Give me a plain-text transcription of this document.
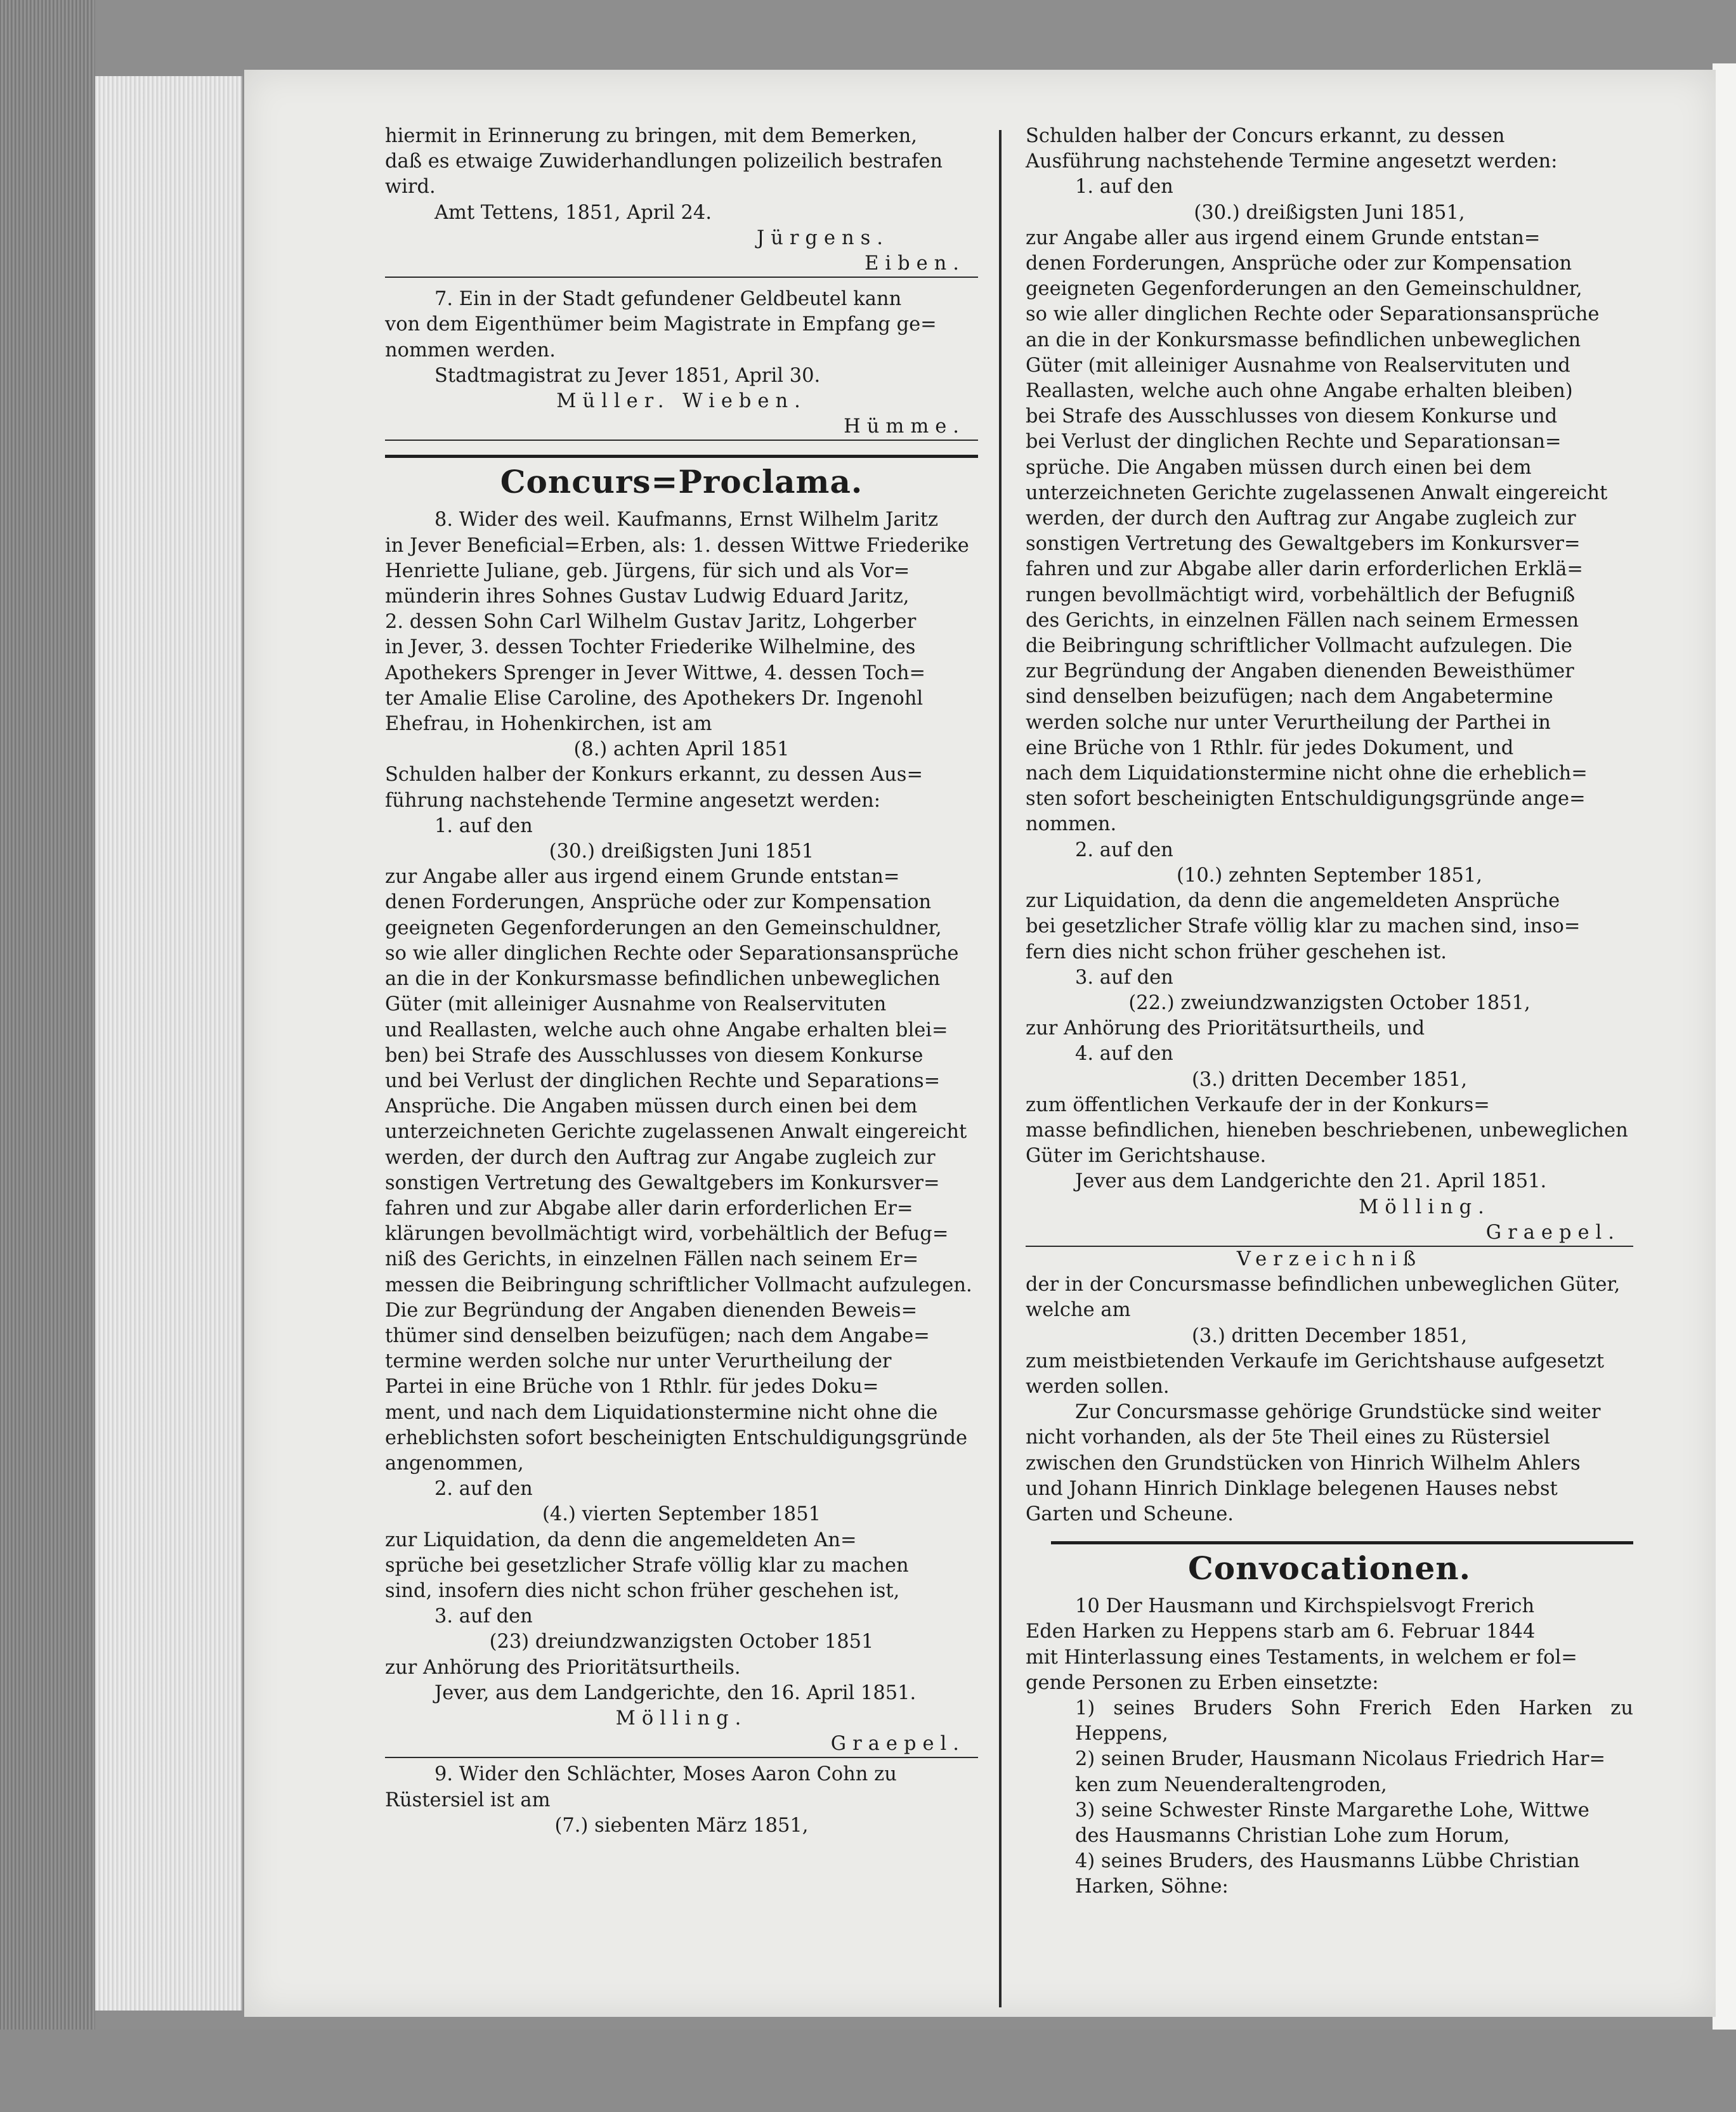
hiermit in Erinnerung zu bringen, mit dem Bemerken,

daß es etwaige Zuwiderhandlungen polizeilich bestrafen

wird.

Amt Tettens, 1851, April 24.

Jürgens.

Eiben.

7. Ein in der Stadt gefundener Geldbeutel kann

von dem Eigenthümer beim Magistrate in Empfang ge=

nommen werden.

Stadtmagistrat zu Jever 1851, April 30.

Müller. Wieben.

Hümme.

Concurs=Proclama.

8. Wider des weil. Kaufmanns, Ernst Wilhelm Jaritz

in Jever Beneficial=Erben, als: 1. dessen Wittwe Friederike

Henriette Juliane, geb. Jürgens, für sich und als Vor=

münderin ihres Sohnes Gustav Ludwig Eduard Jaritz,

2. dessen Sohn Carl Wilhelm Gustav Jaritz, Lohgerber

in Jever, 3. dessen Tochter Friederike Wilhelmine, des

Apothekers Sprenger in Jever Wittwe, 4. dessen Toch=

ter Amalie Elise Caroline, des Apothekers Dr. Ingenohl

Ehefrau, in Hohenkirchen, ist am

(8.) achten April 1851

Schulden halber der Konkurs erkannt, zu dessen Aus=

führung nachstehende Termine angesetzt werden:

1. auf den

(30.) dreißigsten Juni 1851

zur Angabe aller aus irgend einem Grunde entstan=

denen Forderungen, Ansprüche oder zur Kompensation

geeigneten Gegenforderungen an den Gemeinschuldner,

so wie aller dinglichen Rechte oder Separationsansprüche

an die in der Konkursmasse befindlichen unbeweglichen

Güter (mit alleiniger Ausnahme von Realservituten

und Reallasten, welche auch ohne Angabe erhalten blei=

ben) bei Strafe des Ausschlusses von diesem Konkurse

und bei Verlust der dinglichen Rechte und Separations=

Ansprüche. Die Angaben müssen durch einen bei dem

unterzeichneten Gerichte zugelassenen Anwalt eingereicht

werden, der durch den Auftrag zur Angabe zugleich zur

sonstigen Vertretung des Gewaltgebers im Konkursver=

fahren und zur Abgabe aller darin erforderlichen Er=

klärungen bevollmächtigt wird, vorbehältlich der Befug=

niß des Gerichts, in einzelnen Fällen nach seinem Er=

messen die Beibringung schriftlicher Vollmacht aufzulegen.

Die zur Begründung der Angaben dienenden Beweis=

thümer sind denselben beizufügen; nach dem Angabe=

termine werden solche nur unter Verurtheilung der

Partei in eine Brüche von 1 Rthlr. für jedes Doku=

ment, und nach dem Liquidationstermine nicht ohne die

erheblichsten sofort bescheinigten Entschuldigungsgründe

angenommen,

2. auf den

(4.) vierten September 1851

zur Liquidation, da denn die angemeldeten An=

sprüche bei gesetzlicher Strafe völlig klar zu machen

sind, insofern dies nicht schon früher geschehen ist,

3. auf den

(23) dreiundzwanzigsten October 1851

zur Anhörung des Prioritätsurtheils.

Jever, aus dem Landgerichte, den 16. April 1851.

Mölling.

Graepel.

9. Wider den Schlächter, Moses Aaron Cohn zu

Rüstersiel ist am

(7.) siebenten März 1851,

Schulden halber der Concurs erkannt, zu dessen

Ausführung nachstehende Termine angesetzt werden:

1. auf den

(30.) dreißigsten Juni 1851,

zur Angabe aller aus irgend einem Grunde entstan=

denen Forderungen, Ansprüche oder zur Kompensation

geeigneten Gegenforderungen an den Gemeinschuldner,

so wie aller dinglichen Rechte oder Separationsansprüche

an die in der Konkursmasse befindlichen unbeweglichen

Güter (mit alleiniger Ausnahme von Realservituten und

Reallasten, welche auch ohne Angabe erhalten bleiben)

bei Strafe des Ausschlusses von diesem Konkurse und

bei Verlust der dinglichen Rechte und Separationsan=

sprüche. Die Angaben müssen durch einen bei dem

unterzeichneten Gerichte zugelassenen Anwalt eingereicht

werden, der durch den Auftrag zur Angabe zugleich zur

sonstigen Vertretung des Gewaltgebers im Konkursver=

fahren und zur Abgabe aller darin erforderlichen Erklä=

rungen bevollmächtigt wird, vorbehältlich der Befugniß

des Gerichts, in einzelnen Fällen nach seinem Ermessen

die Beibringung schriftlicher Vollmacht aufzulegen. Die

zur Begründung der Angaben dienenden Beweisthümer

sind denselben beizufügen; nach dem Angabetermine

werden solche nur unter Verurtheilung der Parthei in

eine Brüche von 1 Rthlr. für jedes Dokument, und

nach dem Liquidationstermine nicht ohne die erheblich=

sten sofort bescheinigten Entschuldigungsgründe ange=

nommen.

2. auf den

(10.) zehnten September 1851,

zur Liquidation, da denn die angemeldeten Ansprüche

bei gesetzlicher Strafe völlig klar zu machen sind, inso=

fern dies nicht schon früher geschehen ist.

3. auf den

(22.) zweiundzwanzigsten October 1851,

zur Anhörung des Prioritätsurtheils, und

4. auf den

(3.) dritten December 1851,

zum öffentlichen Verkaufe der in der Konkurs=

masse befindlichen, hieneben beschriebenen, unbeweglichen

Güter im Gerichtshause.

Jever aus dem Landgerichte den 21. April 1851.

Mölling.

Graepel.

Verzeichniß

der in der Concursmasse befindlichen unbeweglichen Güter,

welche am

(3.) dritten December 1851,

zum meistbietenden Verkaufe im Gerichtshause aufgesetzt

werden sollen.

Zur Concursmasse gehörige Grundstücke sind weiter

nicht vorhanden, als der 5te Theil eines zu Rüstersiel

zwischen den Grundstücken von Hinrich Wilhelm Ahlers

und Johann Hinrich Dinklage belegenen Hauses nebst

Garten und Scheune.

Convocationen.

10 Der Hausmann und Kirchspielsvogt Frerich

Eden Harken zu Heppens starb am 6. Februar 1844

mit Hinterlassung eines Testaments, in welchem er fol=

gende Personen zu Erben einsetzte:

1) seines Bruders Sohn Frerich Eden Harken zu Heppens,

2) seinen Bruder, Hausmann Nicolaus Friedrich Har=

ken zum Neuenderaltengroden,

3) seine Schwester Rinste Margarethe Lohe, Wittwe

des Hausmanns Christian Lohe zum Horum,

4) seines Bruders, des Hausmanns Lübbe Christian

Harken, Söhne:
